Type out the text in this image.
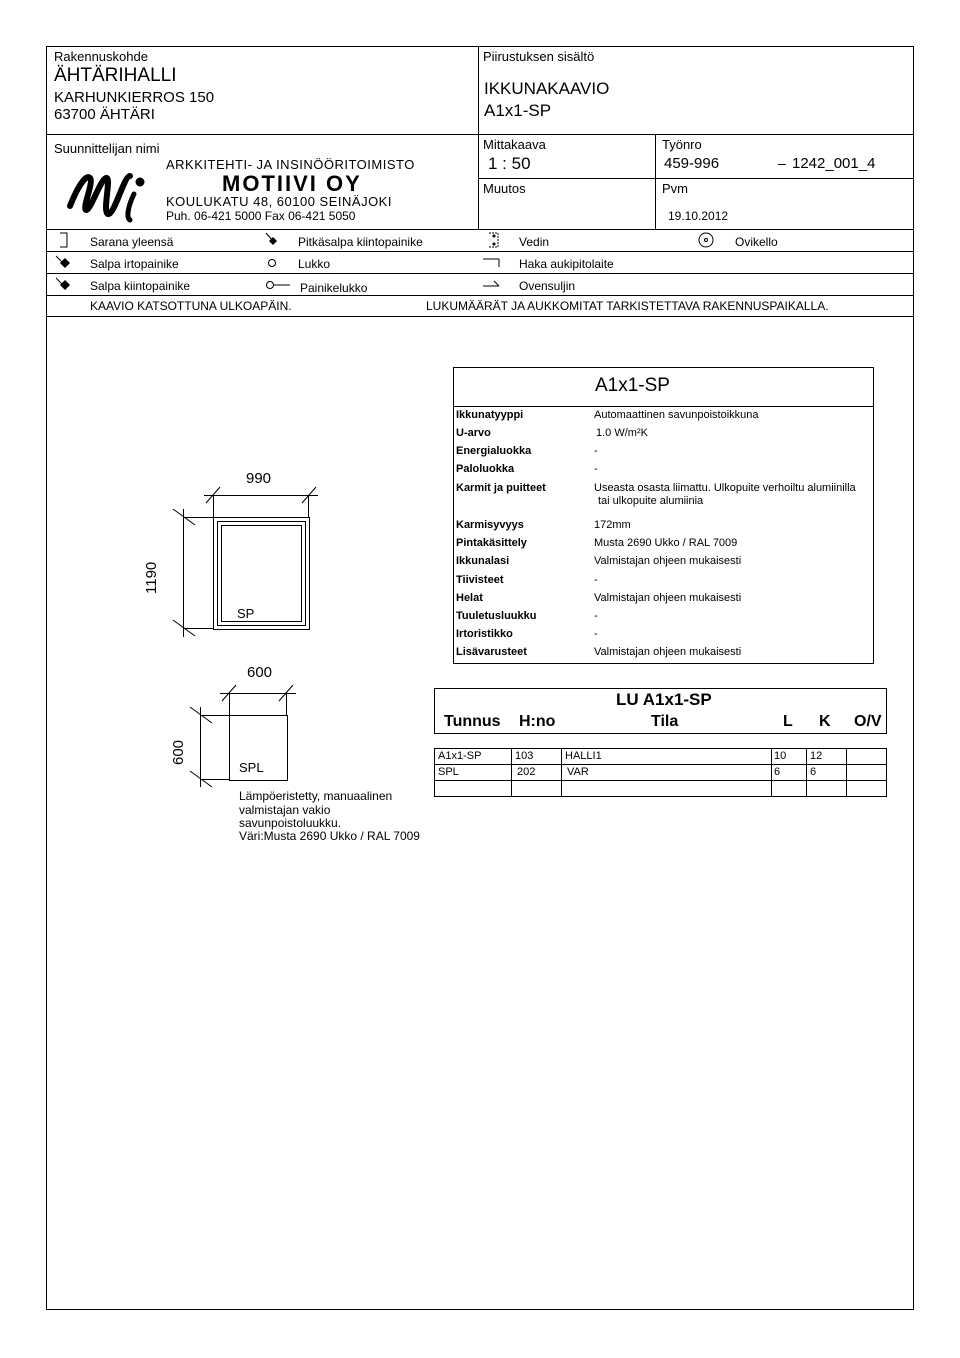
Rakennuskohde
ÄHTÄRIHALLI
KARHUNKIERROS 150
63700 ÄHTÄRI
Suunnittelijan nimi
ARKKITEHTI- JA INSINÖÖRITOIMISTO
MOTIIVI OY
KOULUKATU 48, 60100 SEINÄJOKI
Puh. 06-421 5000 Fax 06-421 5050
Piirustuksen sisältö
IKKUNAKAAVIO
A1x1-SP
Mittakaava
1 : 50
Muutos
Työnro
459-996	1242_001_4
Pvm
19.10.2012
Sarana yleensä	Pitkäsalpa kiintopainike	Vedin	Ovikello
Salpa irtopainike	Lukko	Haka aukipitolaite
Salpa kiintopainike	Painikelukko	Ovensuljin
KAAVIO KATSOTTUNA ULKOAPÄIN.	LUKUMÄÄRÄT JA AUKKOMITAT TARKISTETTAVA RAKENNUSPAIKALLA.
SP
990
1190
SPL
600
600
Lämpöeristetty, manuaalinen
valmistajan vakio
savunpoistoluukku.
Väri:Musta 2690 Ukko / RAL 7009
A1x1-SP
Ikkunatyyppi	Automaattinen savunpoistoikkuna
U-arvo	1.0 W/m²K
Energialuokka	-
Paloluokka	-
Karmit ja puitteet	Useasta osasta liimattu. Ulkopuite verhoiltu alumiinilla
tai ulkopuite alumiinia
Karmisyvyys	172mm
Pintakäsittely	Musta 2690 Ukko / RAL 7009
Ikkunalasi	Valmistajan ohjeen mukaisesti
Tiivisteet	-
Helat	Valmistajan ohjeen mukaisesti
Tuuletusluukku	-
Irtoristikko	-
Lisävarusteet	Valmistajan ohjeen mukaisesti
LU A1x1-SP
Tunnus H:no	Tila	L K O/V
A1x1-SP	103	HALLI1	10 12
SPL	202	VAR	6	6
